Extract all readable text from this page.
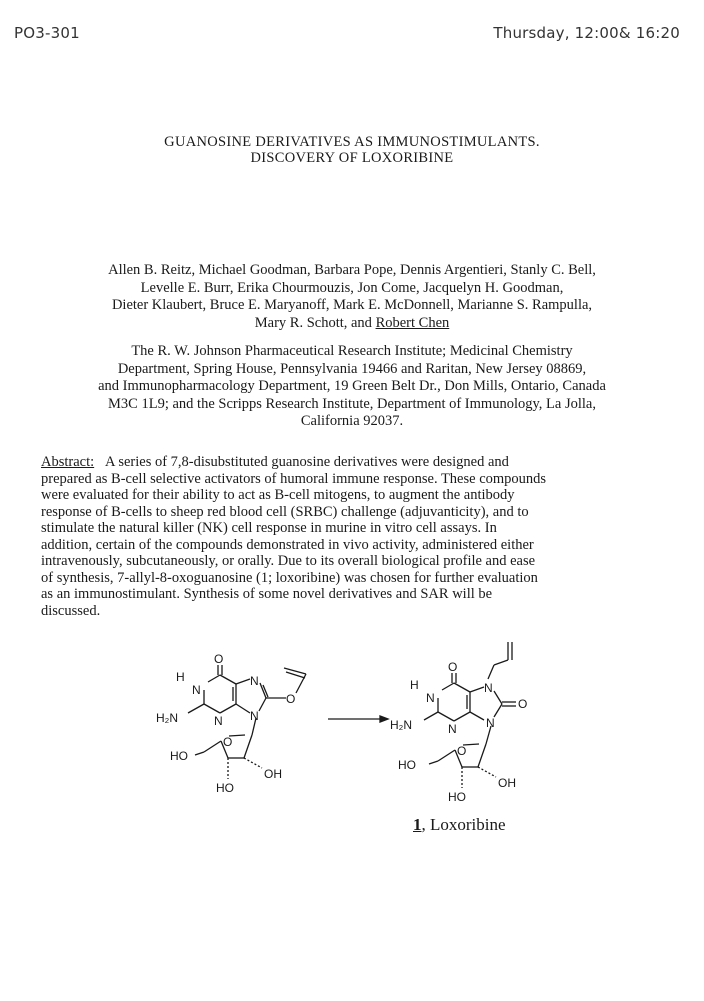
PO3-301	Thursday, 12:00& 16:20
GUANOSINE DERIVATIVES AS IMMUNOSTIMULANTS.
DISCOVERY OF LOXORIBINE
Allen B. Reitz, Michael Goodman, Barbara Pope, Dennis Argentieri, Stanly C. Bell,
Levelle E. Burr, Erika Chourmouzis, Jon Come, Jacquelyn H. Goodman,
Dieter Klaubert, Bruce E. Maryanoff, Mark E. McDonnell, Marianne S. Rampulla,
Mary R. Schott, and Robert Chen
The R. W. Johnson Pharmaceutical Research Institute; Medicinal Chemistry
Department, Spring House, Pennsylvania 19466 and Raritan, New Jersey 08869,
and Immunopharmacology Department, 19 Green Belt Dr., Don Mills, Ontario, Canada
M3C 1L9; and the Scripps Research Institute, Department of Immunology, La Jolla,
California 92037.
Abstract: A series of 7,8-disubstituted guanosine derivatives were designed and
prepared as B-cell selective activators of humoral immune response. These compounds
were evaluated for their ability to act as B-cell mitogens, to augment the antibody
response of B-cells to sheep red blood cell (SRBC) challenge (adjuvanticity), and to
stimulate the natural killer (NK) cell response in murine in vitro cell assays. In
addition, certain of the compounds demonstrated in vivo activity, administered either
intravenously, subcutaneously, or orally. Due to its overall biological profile and ease
of synthesis, 7-allyl-8-oxoguanosine (1; loxoribine) was chosen for further evaluation
as an immunostimulant. Synthesis of some novel derivatives and SAR will be
discussed.
H
N
O
H₂N	N
N
N
O
O
HO
OH
HO
H
N
O
H₂N	N
N
N
O
O
HO
OH
HO
1, Loxoribine
